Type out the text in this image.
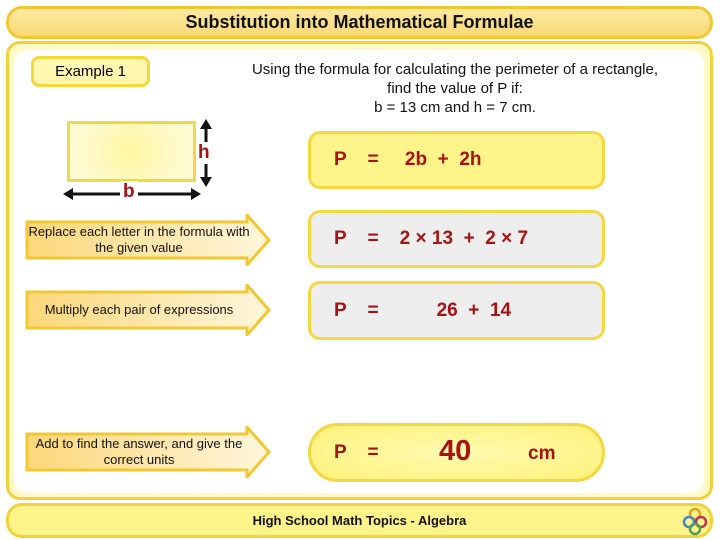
Substitution into Mathematical Formulae
Example 1	Using the formula for calculating the perimeter of a rectangle,
find the value of P if:
b = 13 cm and h = 7 cm.
h
b
P    =     2b  +  2h
Replace each letter in the formula with the given value	P    =    2 × 13  +  2 × 7
Multiply each pair of expressions	P    =           26  +  14
Add to find the answer, and give the correct units	P    = 40	cm
High School Math Topics - Algebra
